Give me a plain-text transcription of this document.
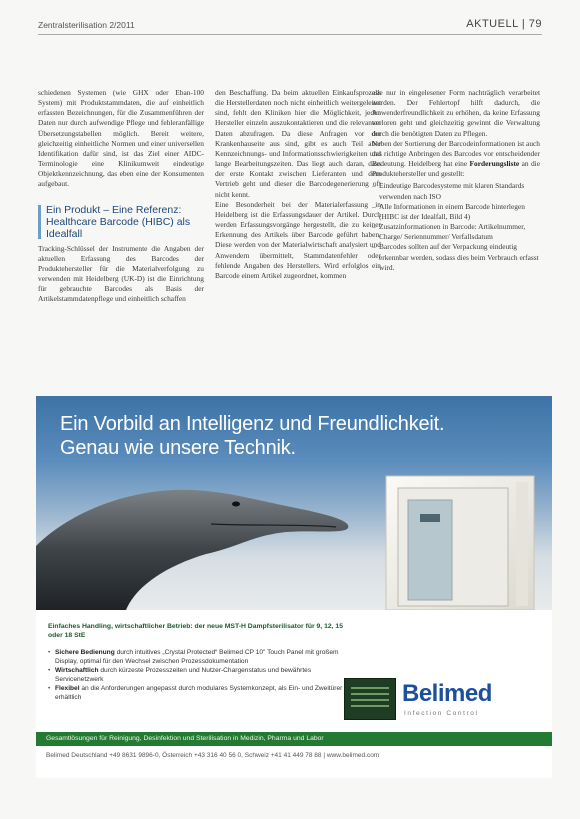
Zentralsterilisation 2/2011	AKTUELL | 79

schiedenen Systemen (wie GHX oder Eban-100 System) mit Produktstammdaten, die auf einheitlich erfassten Bezeichnungen, für die Zusammenführen der Daten nur durch aufwendige Pflege und fehleranfällige Übersetzungstabellen möglich. Bereit weitere, gleichzeitig einheitliche Normen und einer universellen Identifikation dafür sind, ist das Ziel einer AIDC-Terminologie eine Klinikumweit eindeutige Objektkennzeichnung, das eben eine der Konsumenten aufgebaut.

Ein Produkt – Eine Referenz: Healthcare Barcode (HIBC) als Idealfall

Tracking-Schlüssel der Instrumente die Angaben der aktuellen Erfassung des Barcodes der Produktehersteller für die Materialverfolgung zu verwenden mit Heidelberg (UK-D) ist die Einrichtung für gebrauchte Barcodes als Basis der Artikelstammdatenpflege und einheitlich schaffen

den Beschaffung. Da beim aktuellen Einkaufsprozess die Herstellerdaten noch nicht einheitlich weitergeleitet sind, fehlt den Kliniken hier die Möglichkeit, jeden Hersteller einzeln auszukontaktieren und die relevanten Daten abzufragen. Da diese Anfragen vor der Krankenhauseite aus sind, gibt es auch Teil aber Kennzeichnungs- und Informationsschwierigkeiten und lange Bearbeitungszeiten. Das liegt auch daran, dass der erste Kontakt zwischen Lieferanten und dem Vertrieb geht und dieser die Barcodegenerierung oft nicht kennt.

Eine Besonderheit bei der Materialerfassung in Heidelberg ist die Erfassungsdauer der Artikel. Durch werden Erfassungsvorgänge hergestellt, die zu keiner Erkennung des Artikels über Barcode geführt haben. Diese werden von der Materialwirtschaft analysiert und Anwendern übermittelt, Stammdatenfehler oder fehlende Angaben des Herstellers. Wird erfolglos ein Barcode einem Artikel zugeordnet, kommen

alle nur in eingelesener Form nachträglich verarbeitet werden. Der Fehlertopf hilft dadurch, die Anwenderfreundlichkeit zu erhöhen, da keine Erfassung verloren geht und gleichzeitig gewinnt die Verwaltung durch die benötigten Daten zu Pflegen.

Neben der Sortierung der Barcodeinformationen ist auch das richtige Anbringen des Barcodes vor entscheidender Bedeutung. Heidelberg hat eine Forderungsliste an die Produktehersteller und gestellt:

– Eindeutige Barcodesysteme mit klaren Standards verwenden nach ISO
– Alle Informationen in einem Barcode hinterlegen (HIBC ist der Idealfall, Bild 4)
– Zusatzinformationen in Barcode: Artikelnummer, Charge/ Seriennummer/ Verfallsdatum
– Barcodes sollten auf der Verpackung eindeutig erkennbar werden, sodass dies beim Verbrauch erfasst wird.
Ein Vorbild an Intelligenz und Freundlichkeit.
Genau wie unsere Technik.
Einfaches Handling, wirtschaftlicher Betrieb: der neue MST-H Dampfsterilisator für 9, 12, 15 oder 18 StE
• Sichere Bedienung durch intuitives „Crystal Protected“ Belimed CP 10" Touch Panel mit großem Display, optimal für den Wechsel zwischen Prozessdokumentation
• Wirtschaftlich durch kürzeste Prozesszeiten und Nutzer-Chargenstatus und bewährtes Servicenetzwerk
• Flexibel an die Anforderungen angepasst durch modulares Systemkonzept, als Ein- und Zweitürer erhältlich	Belimed
Infection Control
Gesamtlösungen für Reinigung, Desinfektion und Sterilisation in Medizin, Pharma und Labor
Belimed Deutschland +49 8631 9896-0, Österreich +43 316 40 56 0, Schweiz +41 41 449 78 88 | www.belimed.com
